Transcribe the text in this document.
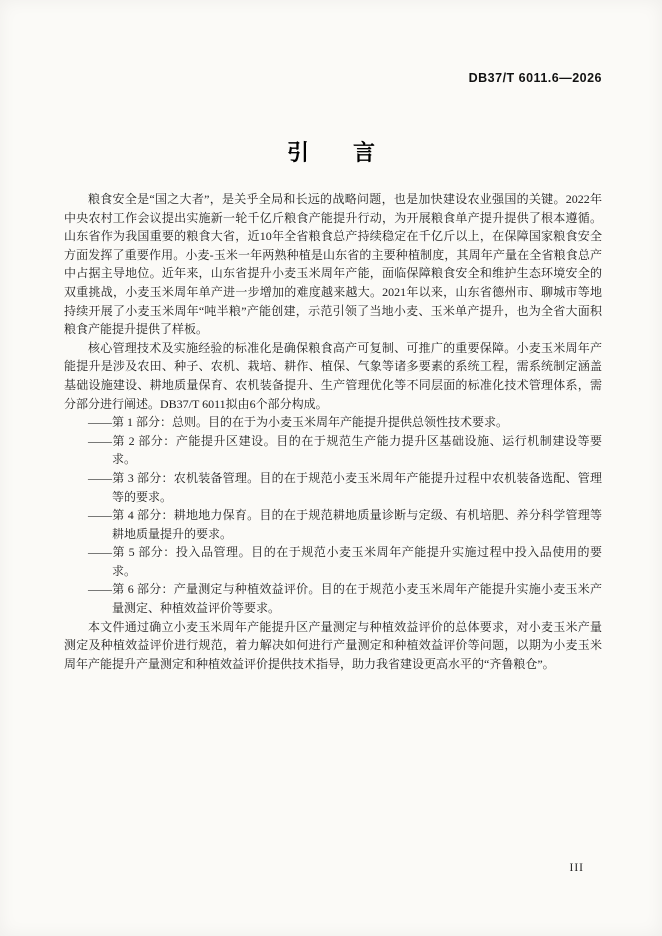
DB37/T 6011.6—2026
引　　言

粮食安全是“国之大者”，是关乎全局和长远的战略问题，也是加快建设农业强国的关键。2022年中央农村工作会议提出实施新一轮千亿斤粮食产能提升行动，为开展粮食单产提升提供了根本遵循。山东省作为我国重要的粮食大省，近10年全省粮食总产持续稳定在千亿斤以上，在保障国家粮食安全方面发挥了重要作用。小麦-玉米一年两熟种植是山东省的主要种植制度，其周年产量在全省粮食总产中占据主导地位。近年来，山东省提升小麦玉米周年产能，面临保障粮食安全和维护生态环境安全的双重挑战，小麦玉米周年单产进一步增加的难度越来越大。2021年以来，山东省德州市、聊城市等地持续开展了小麦玉米周年“吨半粮”产能创建，示范引领了当地小麦、玉米单产提升，也为全省大面积粮食产能提升提供了样板。

核心管理技术及实施经验的标准化是确保粮食高产可复制、可推广的重要保障。小麦玉米周年产能提升是涉及农田、种子、农机、栽培、耕作、植保、气象等诸多要素的系统工程，需系统制定涵盖基础设施建设、耕地质量保育、农机装备提升、生产管理优化等不同层面的标准化技术管理体系，需分部分进行阐述。DB37/T 6011拟由6个部分构成。

——第 1 部分：总则。目的在于为小麦玉米周年产能提升提供总领性技术要求。

——第 2 部分：产能提升区建设。目的在于规范生产能力提升区基础设施、运行机制建设等要求。

——第 3 部分：农机装备管理。目的在于规范小麦玉米周年产能提升过程中农机装备选配、管理等的要求。

——第 4 部分：耕地地力保育。目的在于规范耕地质量诊断与定级、有机培肥、养分科学管理等耕地质量提升的要求。

——第 5 部分：投入品管理。目的在于规范小麦玉米周年产能提升实施过程中投入品使用的要求。

——第 6 部分：产量测定与种植效益评价。目的在于规范小麦玉米周年产能提升实施小麦玉米产量测定、种植效益评价等要求。

本文件通过确立小麦玉米周年产能提升区产量测定与种植效益评价的总体要求，对小麦玉米产量测定及种植效益评价进行规范，着力解决如何进行产量测定和种植效益评价等问题，以期为小麦玉米周年产能提升产量测定和种植效益评价提供技术指导，助力我省建设更高水平的“齐鲁粮仓”。

III
